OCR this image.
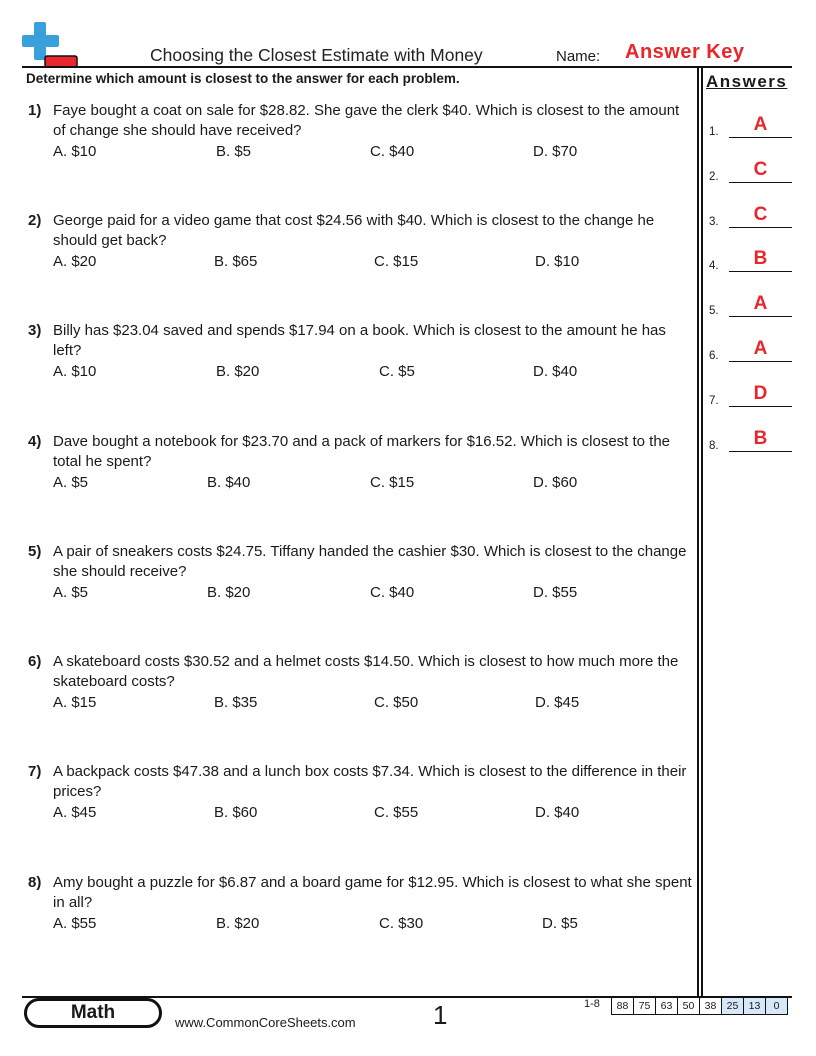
Choosing the Closest Estimate with Money	Name: Answer Key
Determine which amount is closest to the answer for each problem.	Answers
1) Faye bought a coat on sale for $28.82. She gave the clerk $40. Which is closest to the amount of change she should have received?
A. $10	B. $5	C. $40	D. $70
2) George paid for a video game that cost $24.56 with $40. Which is closest to the change he should get back?
A. $20	B. $65	C. $15	D. $10
3) Billy has $23.04 saved and spends $17.94 on a book. Which is closest to the amount he has left?
A. $10	B. $20	C. $5	D. $40
4) Dave bought a notebook for $23.70 and a pack of markers for $16.52. Which is closest to the total he spent?
A. $5	B. $40	C. $15	D. $60
5) A pair of sneakers costs $24.75. Tiffany handed the cashier $30. Which is closest to the change she should receive?
A. $5	B. $20	C. $40	D. $55
6) A skateboard costs $30.52 and a helmet costs $14.50. Which is closest to how much more the skateboard costs?
A. $15	B. $35	C. $50	D. $45
7) A backpack costs $47.38 and a lunch box costs $7.34. Which is closest to the difference in their prices?
A. $45	B. $60	C. $55	D. $40
8) Amy bought a puzzle for $6.87 and a board game for $12.95. Which is closest to what she spent in all?
A. $55	B. $20	C. $30	D. $5
1.	A
2.	C
3.	C
4.	B
5.	A
6.	A
7.	D
8.	B
Math	www.CommonCoreSheets.com	1	1-8	88 75 63 50 38 25 13	0
